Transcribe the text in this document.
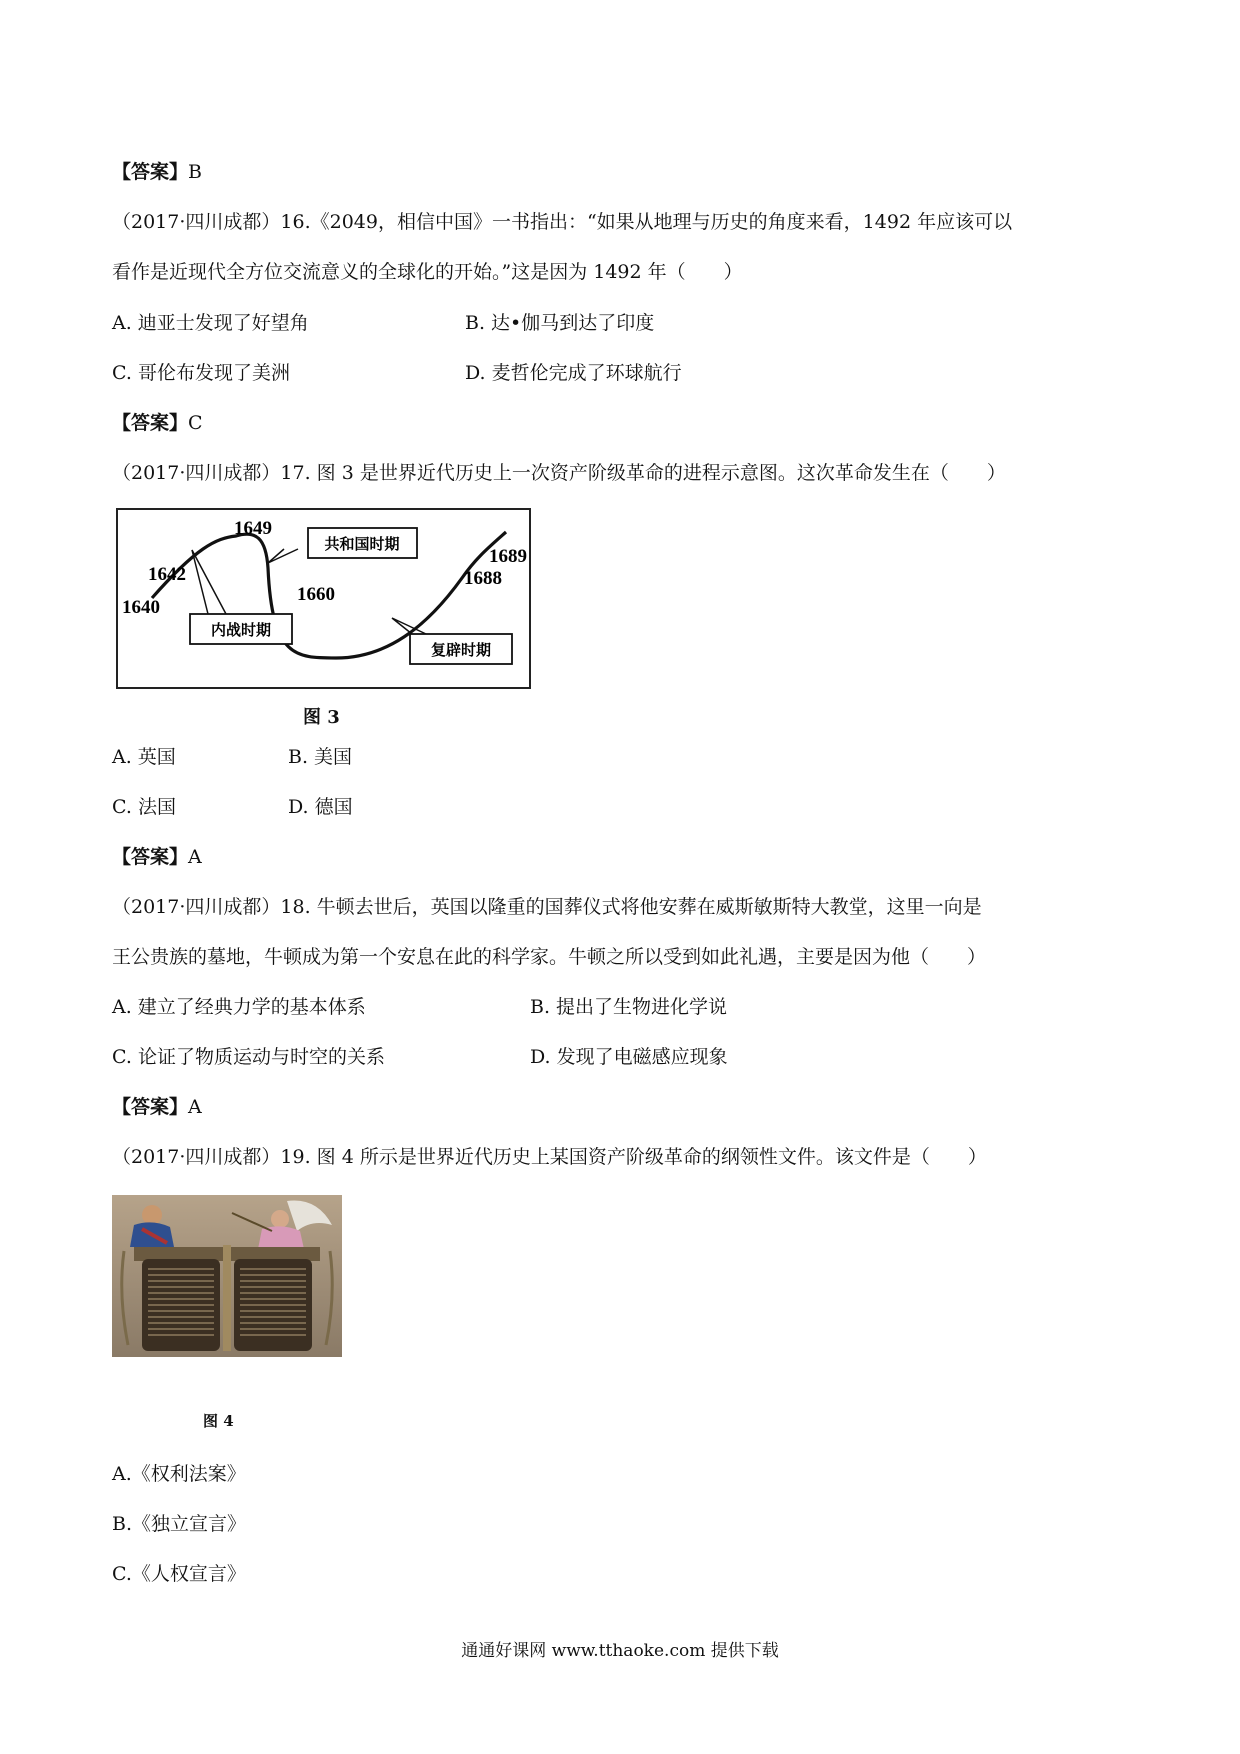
【答案】B
（2017·四川成都）16.《2049，相信中国》一书指出：“如果从地理与历史的角度来看，1492 年应该可以
看作是近现代全方位交流意义的全球化的开始。”这是因为 1492 年（　　）
A. 迪亚士发现了好望角	B. 达•伽马到达了印度
C. 哥伦布发现了美洲	D. 麦哲伦完成了环球航行
【答案】C
（2017·四川成都）17. 图 3 是世界近代历史上一次资产阶级革命的进程示意图。这次革命发生在（　　）
1640
1642
1649
1660
1688
1689
共和国时期
内战时期
复辟时期
图 3
A. 英国	B. 美国
C. 法国	D. 德国
【答案】A
（2017·四川成都）18. 牛顿去世后，英国以隆重的国葬仪式将他安葬在威斯敏斯特大教堂，这里一向是
王公贵族的墓地，牛顿成为第一个安息在此的科学家。牛顿之所以受到如此礼遇，主要是因为他（　　）
A. 建立了经典力学的基本体系	B. 提出了生物进化学说
C. 论证了物质运动与时空的关系	D. 发现了电磁感应现象
【答案】A
（2017·四川成都）19. 图 4 所示是世界近代历史上某国资产阶级革命的纲领性文件。该文件是（　　）
图 4
A.《权利法案》
B.《独立宣言》
C.《人权宣言》
通通好课网 www.tthaoke.com 提供下载
